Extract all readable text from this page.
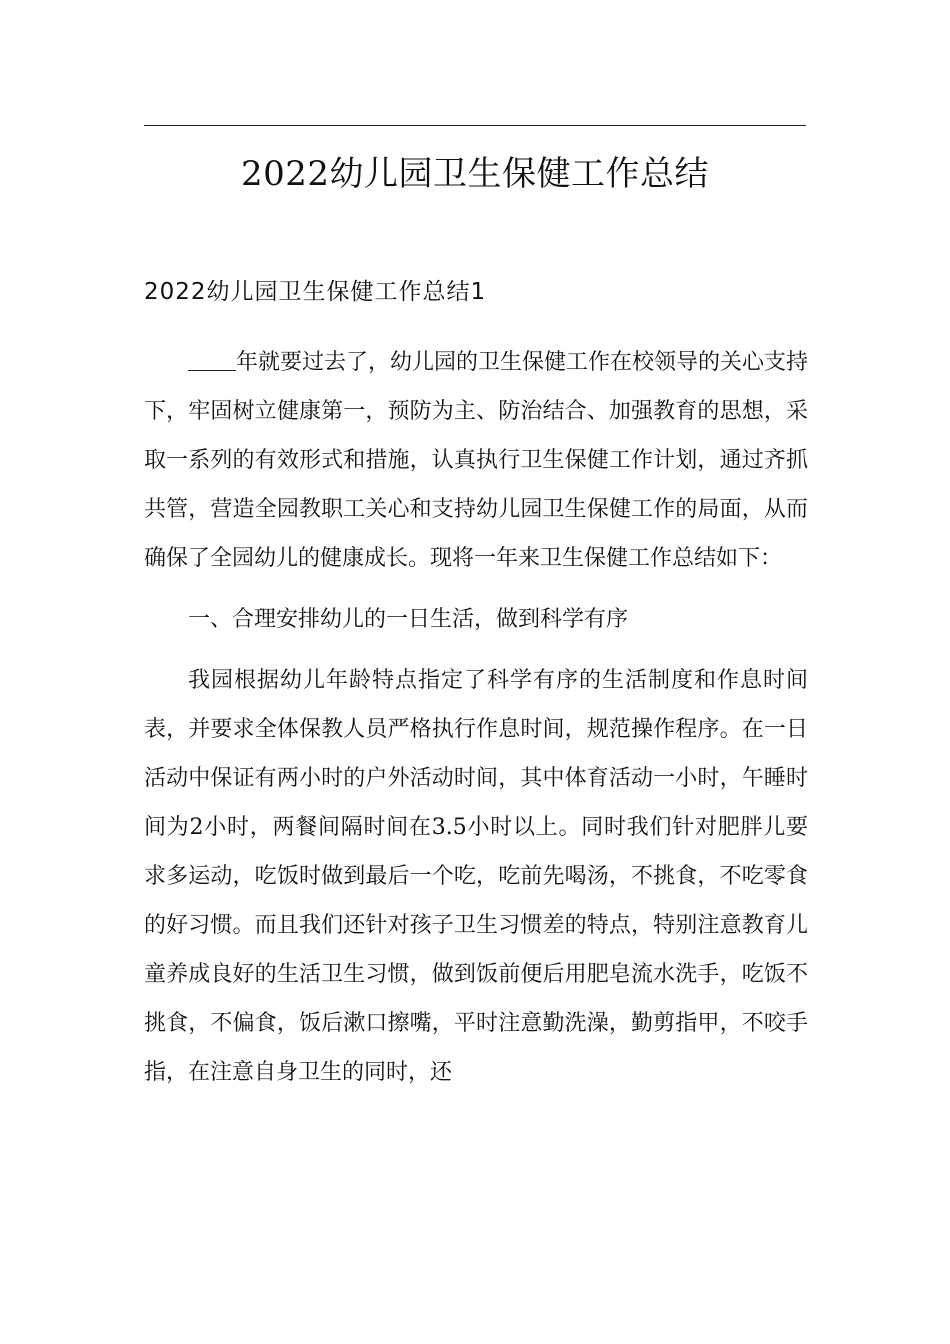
2022幼儿园卫生保健工作总结
2022幼儿园卫生保健工作总结1

年就要过去了，幼儿园的卫生保健工作在校领导的关心支持下，牢固树立健康第一，预防为主、防治结合、加强教育的思想，采取一系列的有效形式和措施，认真执行卫生保健工作计划，通过齐抓共管，营造全园教职工关心和支持幼儿园卫生保健工作的局面，从而确保了全园幼儿的健康成长。现将一年来卫生保健工作总结如下：

一、合理安排幼儿的一日生活，做到科学有序

我园根据幼儿年龄特点指定了科学有序的生活制度和作息时间表，并要求全体保教人员严格执行作息时间，规范操作程序。在一日活动中保证有两小时的户外活动时间，其中体育活动一小时，午睡时间为2小时，两餐间隔时间在3.5小时以上。同时我们针对肥胖儿要求多运动，吃饭时做到最后一个吃，吃前先喝汤，不挑食，不吃零食的好习惯。而且我们还针对孩子卫生习惯差的特点，特别注意教育儿童养成良好的生活卫生习惯，做到饭前便后用肥皂流水洗手，吃饭不挑食，不偏食，饭后漱口擦嘴，平时注意勤洗澡，勤剪指甲，不咬手指，在注意自身卫生的同时，还
